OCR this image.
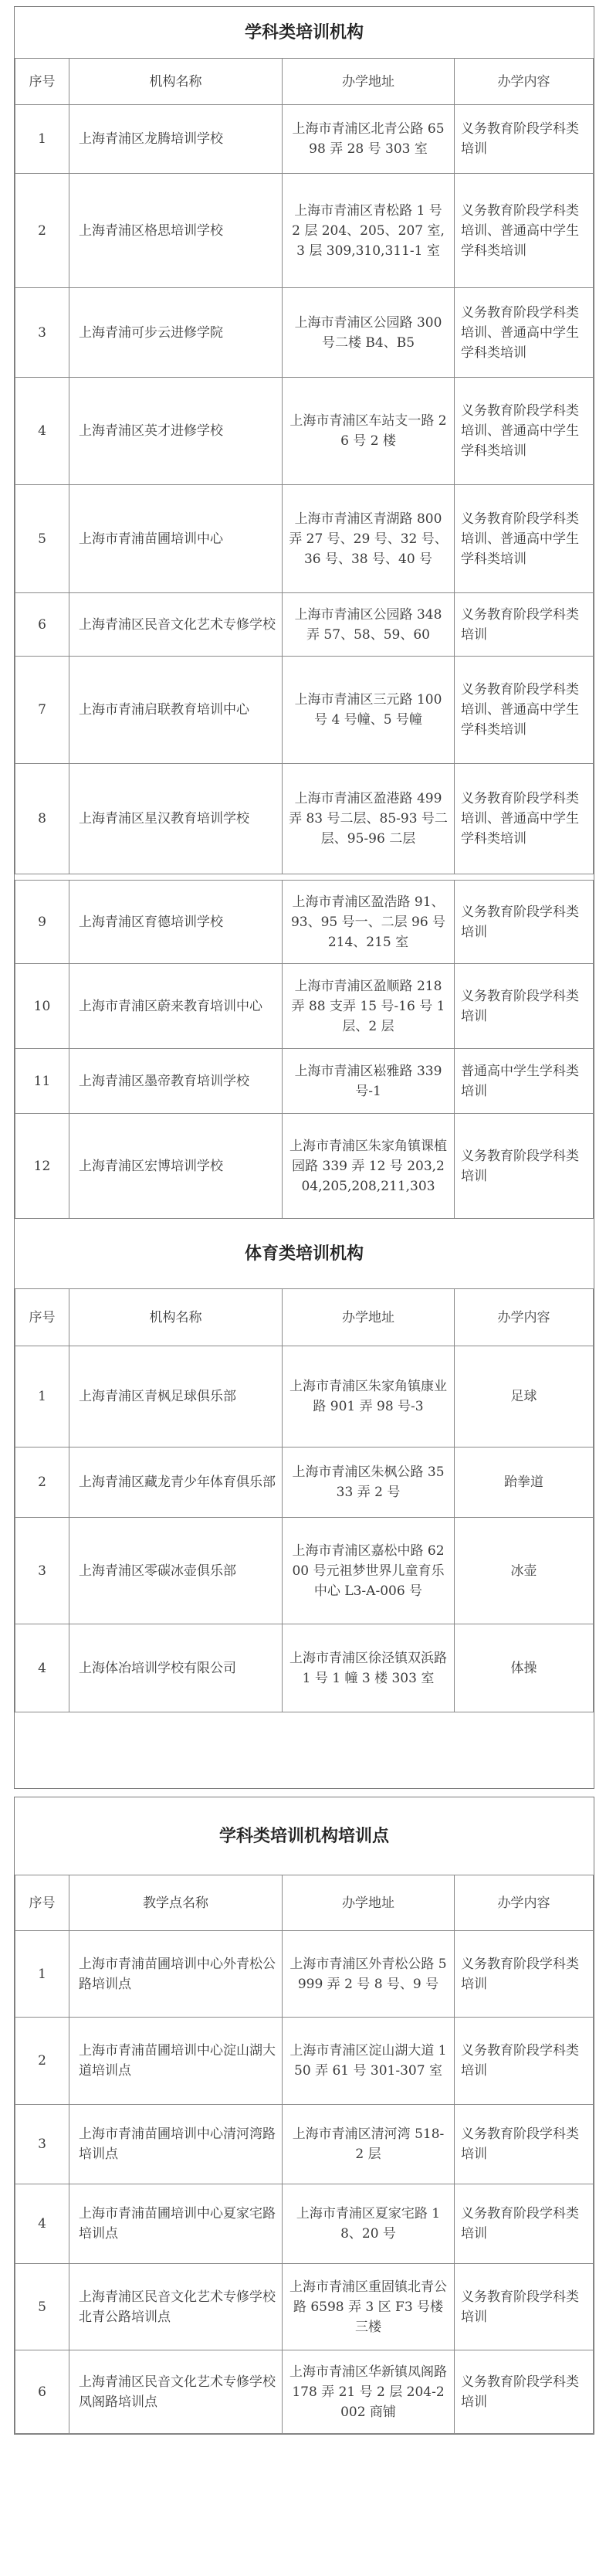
学科类培训机构
序号	机构名称	办学地址	办学内容
1	上海青浦区龙腾培训学校	上海市青浦区北青公路 6598 弄 28 号 303 室	义务教育阶段学科类培训
2	上海青浦区格思培训学校	上海市青浦区青松路 1 号 2 层 204、205、207 室,3 层 309,310,311-1 室	义务教育阶段学科类培训、普通高中学生学科类培训
3	上海青浦可步云进修学院	上海市青浦区公园路 300 号二楼 B4、B5	义务教育阶段学科类培训、普通高中学生学科类培训
4	上海青浦区英才进修学校	上海市青浦区车站支一路 26 号 2 楼	义务教育阶段学科类培训、普通高中学生学科类培训
5	上海市青浦苗圃培训中心	上海市青浦区青湖路 800 弄 27 号、29 号、32 号、36 号、38 号、40 号	义务教育阶段学科类培训、普通高中学生学科类培训
6	上海青浦区民音文化艺术专修学校	上海市青浦区公园路 348 弄 57、58、59、60	义务教育阶段学科类培训
7	上海市青浦启联教育培训中心	上海市青浦区三元路 100 号 4 号幢、5 号幢	义务教育阶段学科类培训、普通高中学生学科类培训
8	上海青浦区星汉教育培训学校	上海市青浦区盈港路 499 弄 83 号二层、85-93 号二层、95-96 二层	义务教育阶段学科类培训、普通高中学生学科类培训

9	上海青浦区育德培训学校	上海市青浦区盈浩路 91、93、95 号一、二层 96 号 214、215 室	义务教育阶段学科类培训
10	上海市青浦区蔚来教育培训中心	上海市青浦区盈顺路 218 弄 88 支弄 15 号-16 号 1 层、2 层	义务教育阶段学科类培训
11	上海青浦区墨帝教育培训学校	上海市青浦区崧雅路 339 号-1	普通高中学生学科类培训
12	上海青浦区宏博培训学校	上海市青浦区朱家角镇课植园路 339 弄 12 号 203,204,205,208,211,303	义务教育阶段学科类培训
体育类培训机构
序号	机构名称	办学地址	办学内容
1	上海青浦区青枫足球俱乐部	上海市青浦区朱家角镇康业路 901 弄 98 号-3	足球
2	上海青浦区藏龙青少年体育俱乐部	上海市青浦区朱枫公路 3533 弄 2 号	跆拳道
3	上海青浦区零碳冰壶俱乐部	上海市青浦区嘉松中路 6200 号元祖梦世界儿童育乐中心 L3-A-006 号	冰壶
4	上海体冶培训学校有限公司	上海市青浦区徐泾镇双浜路 1 号 1 幢 3 楼 303 室	体操
学科类培训机构培训点
序号	教学点名称	办学地址	办学内容
1	上海市青浦苗圃培训中心外青松公路培训点	上海市青浦区外青松公路 5999 弄 2 号 8 号、9 号	义务教育阶段学科类培训
2	上海市青浦苗圃培训中心淀山湖大道培训点	上海市青浦区淀山湖大道 150 弄 61 号 301-307 室	义务教育阶段学科类培训
3	上海市青浦苗圃培训中心清河湾路培训点	上海市青浦区清河湾 518-2 层	义务教育阶段学科类培训
4	上海市青浦苗圃培训中心夏家宅路培训点	上海市青浦区夏家宅路 18、20 号	义务教育阶段学科类培训
5	上海青浦区民音文化艺术专修学校北青公路培训点	上海市青浦区重固镇北青公路 6598 弄 3 区 F3 号楼三楼	义务教育阶段学科类培训
6	上海青浦区民音文化艺术专修学校凤阁路培训点	上海市青浦区华新镇凤阁路 178 弄 21 号 2 层 204-2002 商铺	义务教育阶段学科类培训
